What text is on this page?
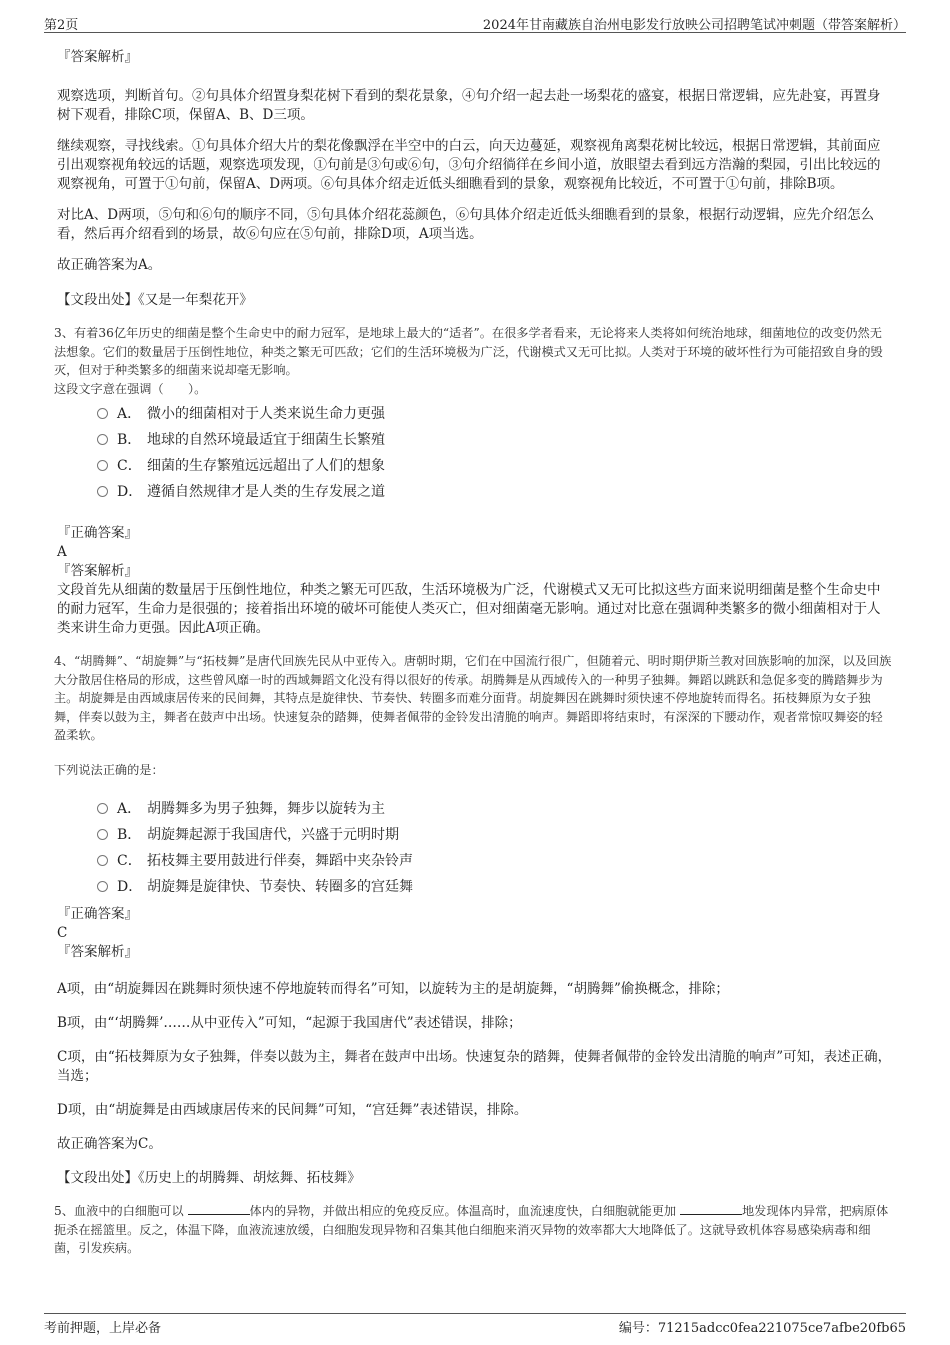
第2页	2024年甘南藏族自治州电影发行放映公司招聘笔试冲刺题（带答案解析）

『答案解析』

观察选项，判断首句。②句具体介绍置身梨花树下看到的梨花景象，④句介绍一起去赴一场梨花的盛宴，根据日常逻辑，应先赴宴，再置身树下观看，排除C项，保留A、B、D三项。

继续观察，寻找线索。①句具体介绍大片的梨花像飘浮在半空中的白云，向天边蔓延，观察视角离梨花树比较远，根据日常逻辑，其前面应引出观察视角较远的话题，观察选项发现，①句前是③句或⑥句，③句介绍徜徉在乡间小道，放眼望去看到远方浩瀚的梨园，引出比较远的观察视角，可置于①句前，保留A、D两项。⑥句具体介绍走近低头细瞧看到的景象，观察视角比较近，不可置于①句前，排除B项。

对比A、D两项，⑤句和⑥句的顺序不同，⑤句具体介绍花蕊颜色，⑥句具体介绍走近低头细瞧看到的景象，根据行动逻辑，应先介绍怎么看，然后再介绍看到的场景，故⑥句应在⑤句前，排除D项，A项当选。

故正确答案为A。

【文段出处】《又是一年梨花开》

3、有着36亿年历史的细菌是整个生命史中的耐力冠军，是地球上最大的“适者”。在很多学者看来，无论将来人类将如何统治地球，细菌地位的改变仍然无法想象。它们的数量居于压倒性地位，种类之繁无可匹敌；它们的生活环境极为广泛，代谢模式又无可比拟。人类对于环境的破坏性行为可能招致自身的毁灭，但对于种类繁多的细菌来说却毫无影响。

这段文字意在强调（　　）。

A． 微小的细菌相对于人类来说生命力更强
B． 地球的自然环境最适宜于细菌生长繁殖
C． 细菌的生存繁殖远远超出了人们的想象
D． 遵循自然规律才是人类的生存发展之道

『正确答案』

A

『答案解析』

文段首先从细菌的数量居于压倒性地位，种类之繁无可匹敌，生活环境极为广泛，代谢模式又无可比拟这些方面来说明细菌是整个生命史中的耐力冠军，生命力是很强的；接着指出环境的破坏可能使人类灭亡，但对细菌毫无影响。通过对比意在强调种类繁多的微小细菌相对于人类来讲生命力更强。因此A项正确。

4、“胡腾舞”、“胡旋舞”与“拓枝舞”是唐代回族先民从中亚传入。唐朝时期，它们在中国流行很广，但随着元、明时期伊斯兰教对回族影响的加深，以及回族大分散居住格局的形成，这些曾风靡一时的西域舞蹈文化没有得以很好的传承。胡腾舞是从西域传入的一种男子独舞。舞蹈以跳跃和急促多变的腾踏舞步为主。胡旋舞是由西域康居传来的民间舞，其特点是旋律快、节奏快、转圈多而难分面背。胡旋舞因在跳舞时须快速不停地旋转而得名。拓枝舞原为女子独舞，伴奏以鼓为主，舞者在鼓声中出场。快速复杂的踏舞，使舞者佩带的金铃发出清脆的响声。舞蹈即将结束时，有深深的下腰动作，观者常惊叹舞姿的轻盈柔软。

下列说法正确的是：

A． 胡腾舞多为男子独舞，舞步以旋转为主
B． 胡旋舞起源于我国唐代，兴盛于元明时期
C． 拓枝舞主要用鼓进行伴奏，舞蹈中夹杂铃声
D． 胡旋舞是旋律快、节奏快、转圈多的宫廷舞

『正确答案』

C

『答案解析』

A项，由“胡旋舞因在跳舞时须快速不停地旋转而得名”可知，以旋转为主的是胡旋舞，“胡腾舞”偷换概念，排除；

B项，由“‘胡腾舞’……从中亚传入”可知，“起源于我国唐代”表述错误，排除；

C项，由“拓枝舞原为女子独舞，伴奏以鼓为主，舞者在鼓声中出场。快速复杂的踏舞，使舞者佩带的金铃发出清脆的响声”可知，表述正确，当选；

D项，由“胡旋舞是由西域康居传来的民间舞”可知，“宫廷舞”表述错误，排除。

故正确答案为C。

【文段出处】《历史上的胡腾舞、胡炫舞、拓枝舞》

5、血液中的白细胞可以	体内的异物，并做出相应的免疫反应。体温高时，血流速度快，白细胞就能更加	地发现体内异常，把病原体扼杀在摇篮里。反之，体温下降，血液流速放缓，白细胞发现异物和召集其他白细胞来消灭异物的效率都大大地降低了。这就导致机体容易感染病毒和细菌，引发疾病。

考前押题，上岸必备	编号：71215adcc0fea221075ce7afbe20fb65
